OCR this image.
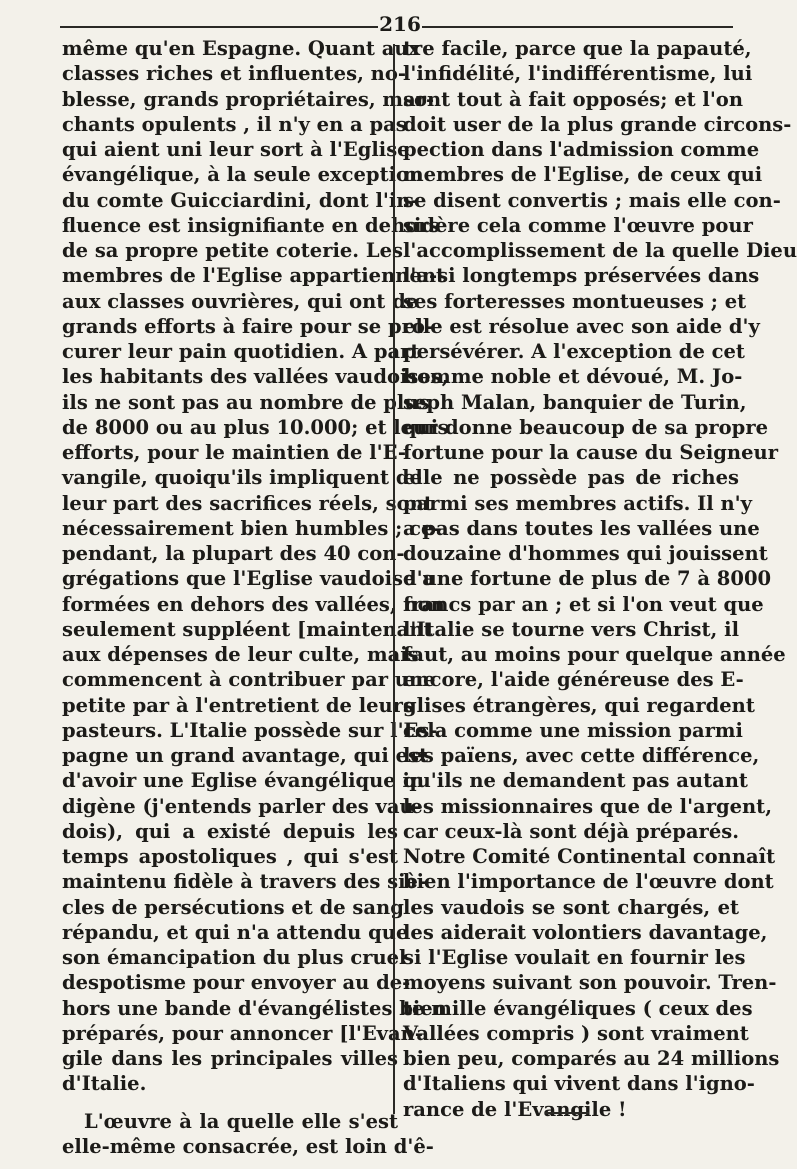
216
même qu'en Espagne. Quant aux
classes riches et influentes, no-
blesse, grands propriétaires, mar-
chants opulents , il n'y en a pas
qui aient uni leur sort à l'Eglise
évangélique, à la seule exception
du comte Guicciardini, dont l'in-
fluence est insignifiante en dehors
de sa propre petite coterie. Les
membres de l'Eglise appartiennent
aux classes ouvrières, qui ont de
grands efforts à faire pour se pro-
curer leur pain quotidien. A part
les habitants des vallées vaudoises,
ils ne sont pas au nombre de plus
de 8000 ou au plus 10.000; et leurs
efforts, pour le maintien de l'E-
vangile, quoiqu'ils impliquent de
leur part des sacrifices réels, sont
nécessairement bien humbles ; ce-
pendant, la plupart des 40 con-
grégations que l'Eglise vaudoise a
formées en dehors des vallées, non
seulement suppléent [maintenant
aux dépenses de leur culte, mais
commencent à contribuer par une
petite par à l'entretient de leurs
pasteurs. L'Italie possède sur l'Es-
pagne un grand avantage, qui est
d'avoir une Eglise évangélique in
digène (j'entends parler des vau-
dois), qui a existé depuis les
temps apostoliques , qui s'est
maintenu fidèle à travers des siè-
cles de persécutions et de sang
répandu, et qui n'a attendu que
son émancipation du plus cruel
despotisme pour envoyer au de-
hors une bande d'évangélistes bien
préparés, pour annoncer [l'Evan-
gile dans les principales villes
d'Italie.
L'œuvre à la quelle elle s'est
elle-même consacrée, est loin d'ê-
tre facile, parce que la papauté,
l'infidélité, l'indifférentisme, lui
sont tout à fait opposés; et l'on
doit user de la plus grande circons-
pection dans l'admission comme
membres de l'Eglise, de ceux qui
se disent convertis ; mais elle con-
sidère cela comme l'œuvre pour
l'accomplissement de la quelle Dieu
l'a-si longtemps préservées dans
ses forteresses montueuses ; et
elle est résolue avec son aide d'y
persévérer. A l'exception de cet
homme noble et dévoué, M. Jo-
seph Malan, banquier de Turin,
qui donne beaucoup de sa propre
fortune pour la cause du Seigneur
elle ne possède pas de riches
parmi ses membres actifs. Il n'y
a pas dans toutes les vallées une
douzaine d'hommes qui jouissent
d'une fortune de plus de 7 à 8000
francs par an ; et si l'on veut que
l'Italie se tourne vers Christ, il
faut, au moins pour quelque année
encore, l'aide généreuse des E-
glises étrangères, qui regardent
cela comme une mission parmi
les païens, avec cette différence,
qu'ils ne demandent pas autant
les missionnaires que de l'argent,
car ceux-là sont déjà préparés.
Notre Comité Continental connaît
bien l'importance de l'œuvre dont
les vaudois se sont chargés, et
les aiderait volontiers davantage,
si l'Eglise voulait en fournir les
moyens suivant son pouvoir. Tren-
te mille évangéliques ( ceux des
Vallées compris ) sont vraiment
bien peu, comparés au 24 millions
d'Italiens qui vivent dans l'igno-
rance de l'Evangile !
